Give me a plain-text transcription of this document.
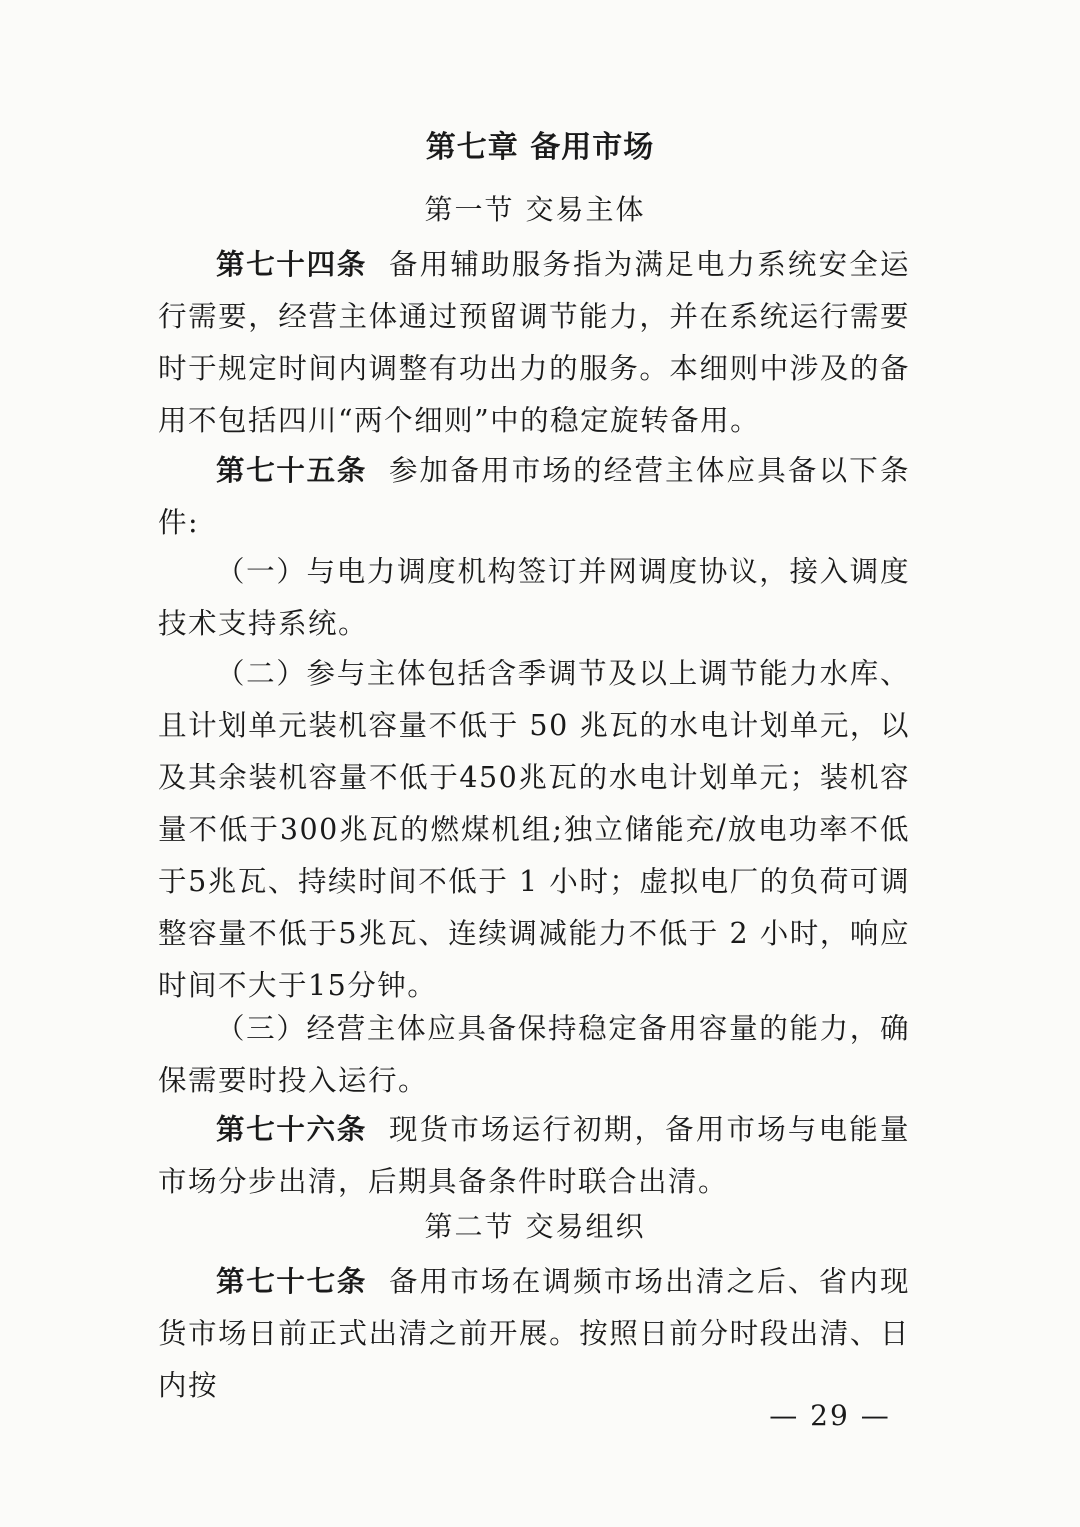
第七章 备用市场
第一节 交易主体

第七十四条 备用辅助服务指为满足电力系统安全运行需要，经营主体通过预留调节能力，并在系统运行需要时于规定时间内调整有功出力的服务。本细则中涉及的备用不包括四川“两个细则”中的稳定旋转备用。

第七十五条 参加备用市场的经营主体应具备以下条件:

（一）与电力调度机构签订并网调度协议，接入调度技术支持系统。

（二）参与主体包括含季调节及以上调节能力水库、且计划单元装机容量不低于 50 兆瓦的水电计划单元，以及其余装机容量不低于450兆瓦的水电计划单元；装机容量不低于300兆瓦的燃煤机组;独立储能充/放电功率不低于5兆瓦、持续时间不低于 1 小时；虚拟电厂的负荷可调整容量不低于5兆瓦、连续调减能力不低于 2 小时，响应时间不大于15分钟。

（三）经营主体应具备保持稳定备用容量的能力，确保需要时投入运行。

第七十六条 现货市场运行初期，备用市场与电能量市场分步出清，后期具备条件时联合出清。

第二节 交易组织

第七十七条 备用市场在调频市场出清之后、省内现货市场日前正式出清之前开展。按照日前分时段出清、日内按

— 29 —
